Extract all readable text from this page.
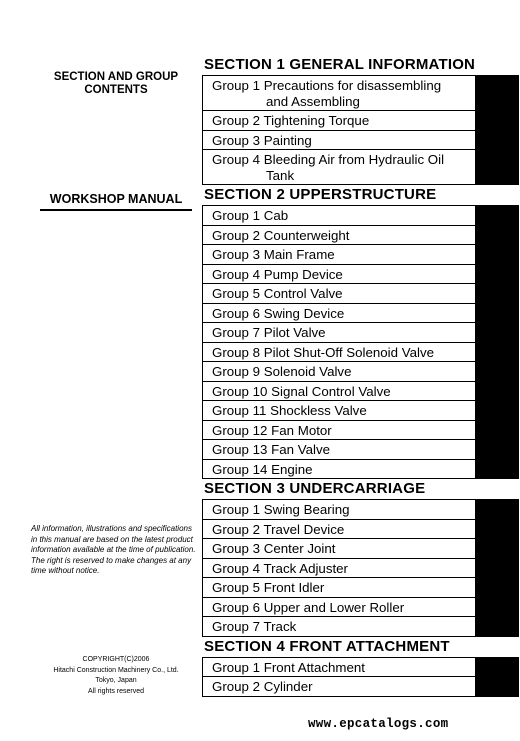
SECTION AND GROUP
CONTENTS
WORKSHOP MANUAL
All information, illustrations and specifications in this manual are based on the latest product information available at the time of publication. The right is reserved to make changes at any time without notice.
COPYRIGHT(C)2006
Hitachi Construction Machinery Co., Ltd.
Tokyo, Japan
All rights reserved
SECTION 1 GENERAL INFORMATION
Group 1 Precautions for disassembling
and Assembling
Group 2 Tightening Torque
Group 3 Painting
Group 4 Bleeding Air from Hydraulic Oil
Tank
SECTION 2 UPPERSTRUCTURE
Group 1 Cab
Group 2 Counterweight
Group 3 Main Frame
Group 4 Pump Device
Group 5 Control Valve
Group 6 Swing Device
Group 7 Pilot Valve
Group 8 Pilot Shut-Off Solenoid Valve
Group 9 Solenoid Valve
Group 10 Signal Control Valve
Group 11 Shockless Valve
Group 12 Fan Motor
Group 13 Fan Valve
Group 14 Engine
SECTION 3 UNDERCARRIAGE
Group 1 Swing Bearing
Group 2 Travel Device
Group 3 Center Joint
Group 4 Track Adjuster
Group 5 Front Idler
Group 6 Upper and Lower Roller
Group 7 Track
SECTION 4 FRONT ATTACHMENT
Group 1 Front Attachment
Group 2 Cylinder
www.epcatalogs.com
